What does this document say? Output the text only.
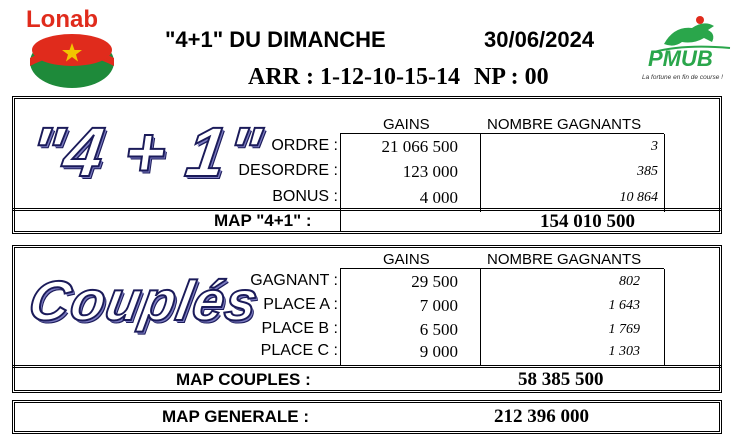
Lonab
"4+1" DU DIMANCHE	30/06/2024
ARR : 1-12-10-15-14 NP : 00
PMUB
La fortune en fin de course !
"4 + 1"	GAINS	NOMBRE GAGNANTS
ORDRE :	21 066 500	3
DESORDRE :	123 000	385
BONUS :	4 000	10 864
MAP "4+1" :	154 010 500
Couplés
GAINS	NOMBRE GAGNANTS
GAGNANT :	29 500	802
PLACE A :	7 000	1 643
PLACE B :	6 500	1 769
PLACE C :	9 000	1 303
MAP COUPLES :	58 385 500
MAP GENERALE :	212 396 000
